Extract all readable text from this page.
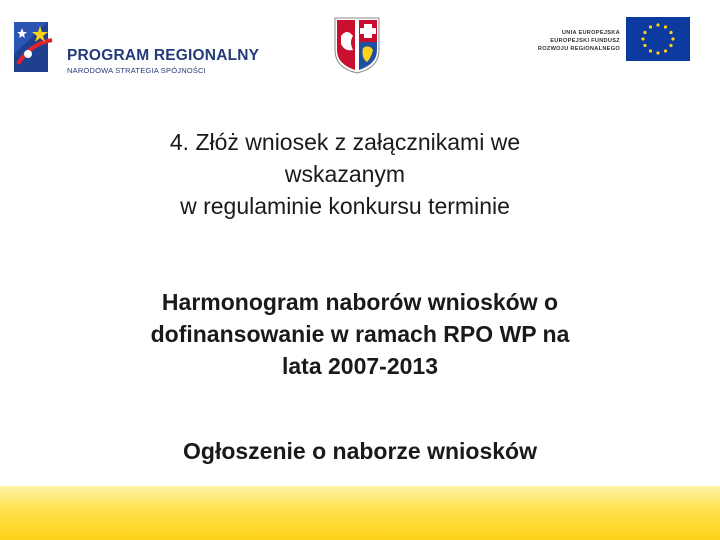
PROGRAM REGIONALNY
NARODOWA STRATEGIA SPÓJNOŚCI
UNIA EUROPEJSKA
EUROPEJSKI FUNDUSZ
ROZWOJU REGIONALNEGO
4. Złóż wniosek z załącznikami we
wskazanym
w regulaminie konkursu terminie
Harmonogram naborów wniosków o
dofinansowanie w ramach RPO WP na
lata 2007-2013
Ogłoszenie o naborze wniosków
